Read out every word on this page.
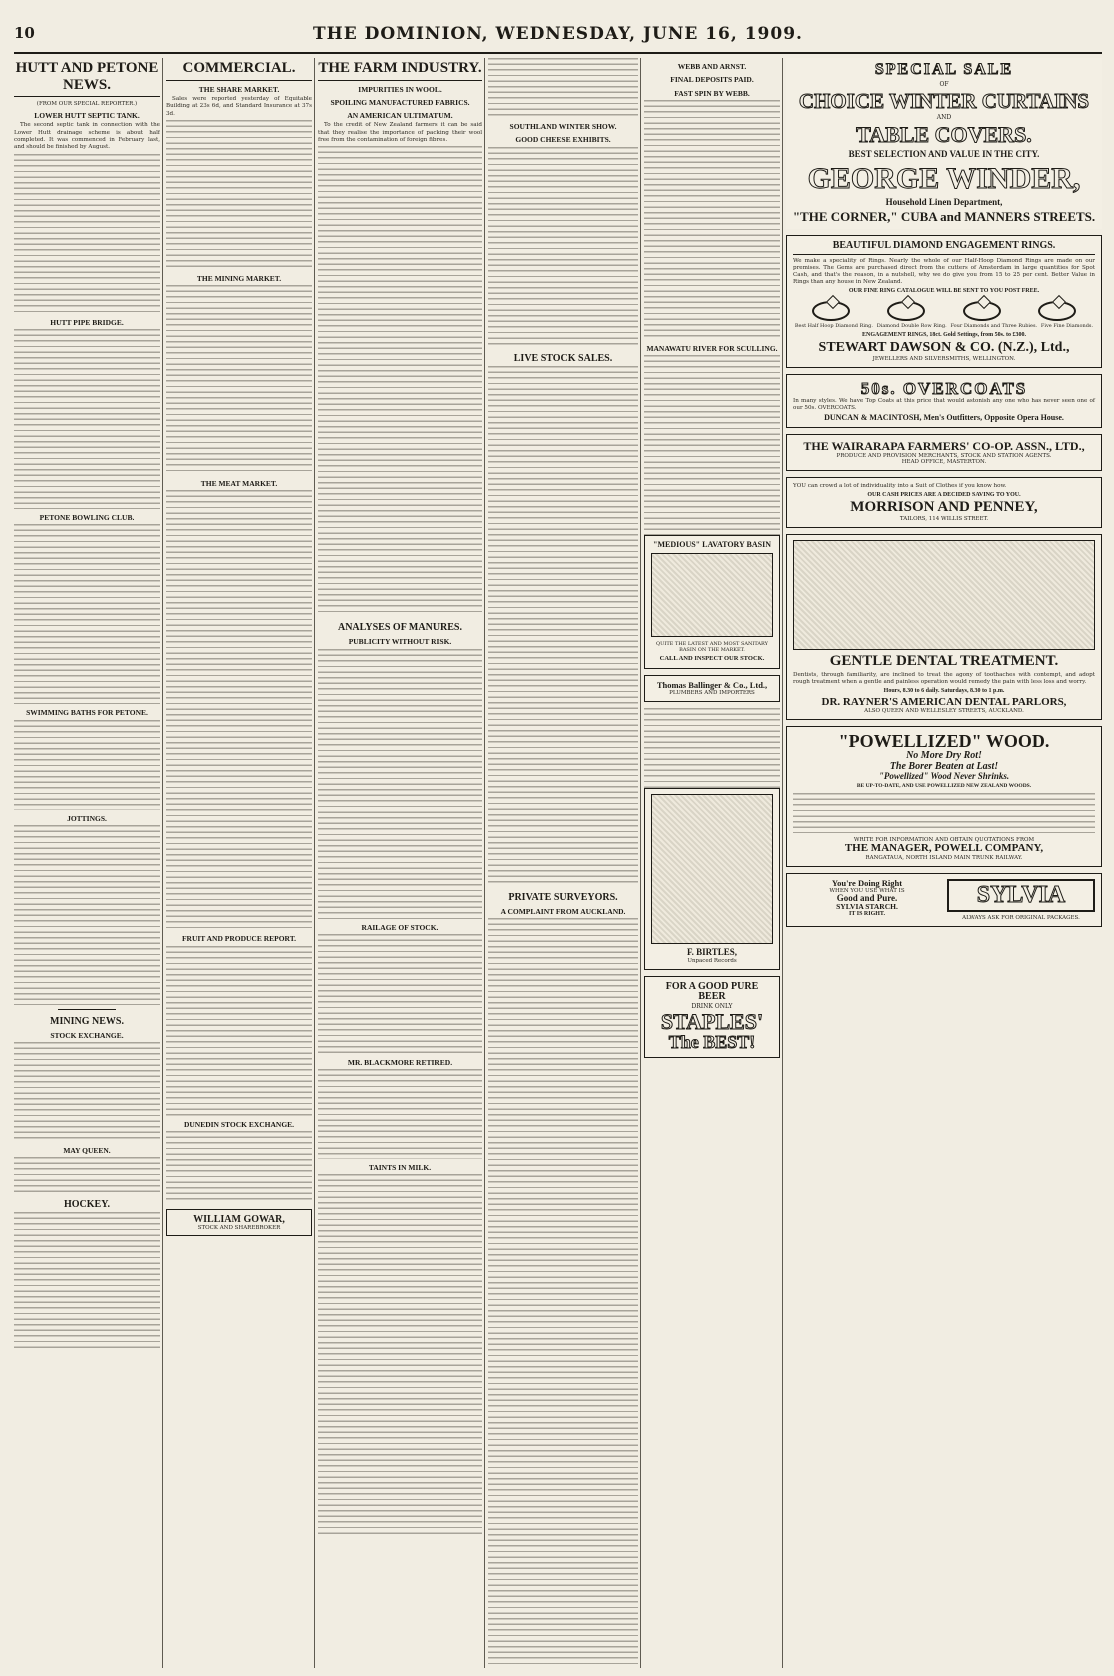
10	THE DOMINION, WEDNESDAY, JUNE 16, 1909.
HUTT AND PETONE NEWS.
(FROM OUR SPECIAL REPORTER.)
LOWER HUTT SEPTIC TANK.

The second septic tank in connection with the Lower Hutt drainage scheme is about half completed. It was commenced in February last, and should be finished by August.

HUTT PIPE BRIDGE.
PETONE BOWLING CLUB.
SWIMMING BATHS FOR PETONE.
JOTTINGS.
MINING NEWS.
STOCK EXCHANGE.
MAY QUEEN.
HOCKEY.
COMMERCIAL.
THE SHARE MARKET.

Sales were reported yesterday of Equitable Building at 23s 6d, and Standard Insurance at 37s 3d.

THE MINING MARKET.
THE MEAT MARKET.
FRUIT AND PRODUCE REPORT.
DUNEDIN STOCK EXCHANGE.
WILLIAM GOWAR,
STOCK AND SHAREBROKER
THE FARM INDUSTRY.
IMPURITIES IN WOOL.
SPOILING MANUFACTURED FABRICS.
AN AMERICAN ULTIMATUM.

To the credit of New Zealand farmers it can be said that they realise the importance of packing their wool free from the contamination of foreign fibres.

ANALYSES OF MANURES.
PUBLICITY WITHOUT RISK.
RAILAGE OF STOCK.
MR. BLACKMORE RETIRED.
TAINTS IN MILK.
SOUTHLAND WINTER SHOW.
GOOD CHEESE EXHIBITS.
LIVE STOCK SALES.
PRIVATE SURVEYORS.
A COMPLAINT FROM AUCKLAND.
WEBB AND ARNST.
FINAL DEPOSITS PAID.
FAST SPIN BY WEBB.
MANAWATU RIVER FOR SCULLING.
"MEDIOUS" LAVATORY BASIN
QUITE THE LATEST AND MOST SANITARY BASIN ON THE MARKET.
CALL AND INSPECT OUR STOCK.
Thomas Ballinger & Co., Ltd.,
PLUMBERS AND IMPORTERS
F. BIRTLES,
Unpaced Records
FOR A GOOD PURE BEER
DRINK ONLY
STAPLES'
The BEST!
SPECIAL SALE
OF
CHOICE WINTER CURTAINS
AND
TABLE COVERS.
BEST SELECTION AND VALUE IN THE CITY.
GEORGE WINDER,
Household Linen Department,
"THE CORNER," CUBA and MANNERS STREETS.
BEAUTIFUL DIAMOND ENGAGEMENT RINGS.
We make a speciality of Rings. Nearly the whole of our Half-Hoop Diamond Rings are made on our premises. The Gems are purchased direct from the cutters of Amsterdam in large quantities for Spot Cash, and that's the reason, in a nutshell, why we do give you from 15 to 25 per cent. Better Value in Rings than any house in New Zealand.
OUR FINE RING CATALOGUE WILL BE SENT TO YOU POST FREE.
Best Half Hoop Diamond Ring. Diamond Double Row Ring. Four Diamonds and Three Rubies. Five Fine Diamonds.
ENGAGEMENT RINGS, 18ct. Gold Settings, from 50s. to £300.
STEWART DAWSON & CO. (N.Z.), Ltd.,
JEWELLERS AND SILVERSMITHS, WELLINGTON.
50s. OVERCOATS
In many styles. We have Top Coats at this price that would astonish any one who has never seen one of our 50s. OVERCOATS.
DUNCAN & MACINTOSH, Men's Outfitters, Opposite Opera House.
THE WAIRARAPA FARMERS' CO-OP. ASSN., LTD.,
PRODUCE AND PROVISION MERCHANTS, STOCK AND STATION AGENTS.
HEAD OFFICE, MASTERTON.
YOU can crowd a lot of individuality into a Suit of Clothes if you know how.
OUR CASH PRICES ARE A DECIDED SAVING TO YOU.
MORRISON AND PENNEY,
TAILORS, 114 WILLIS STREET.
GENTLE DENTAL TREATMENT.
Dentists, through familiarity, are inclined to treat the agony of toothaches with contempt, and adopt rough treatment when a gentle and painless operation would remedy the pain with less loss and worry.
Hours, 8.30 to 6 daily. Saturdays, 8.30 to 1 p.m.
DR. RAYNER'S AMERICAN DENTAL PARLORS,
ALSO QUEEN AND WELLESLEY STREETS, AUCKLAND.
"POWELLIZED" WOOD.
No More Dry Rot!
The Borer Beaten at Last!
"Powellized" Wood Never Shrinks.
BE UP-TO-DATE, AND USE POWELLIZED NEW ZEALAND WOODS.
WRITE FOR INFORMATION AND OBTAIN QUOTATIONS FROM
THE MANAGER, POWELL COMPANY,
RANGATAUA, NORTH ISLAND MAIN TRUNK RAILWAY.
You're Doing Right
WHEN YOU USE WHAT IS
Good and Pure.
SYLVIA STARCH.
IT IS RIGHT.
SYLVIA
ALWAYS ASK FOR ORIGINAL PACKAGES.
